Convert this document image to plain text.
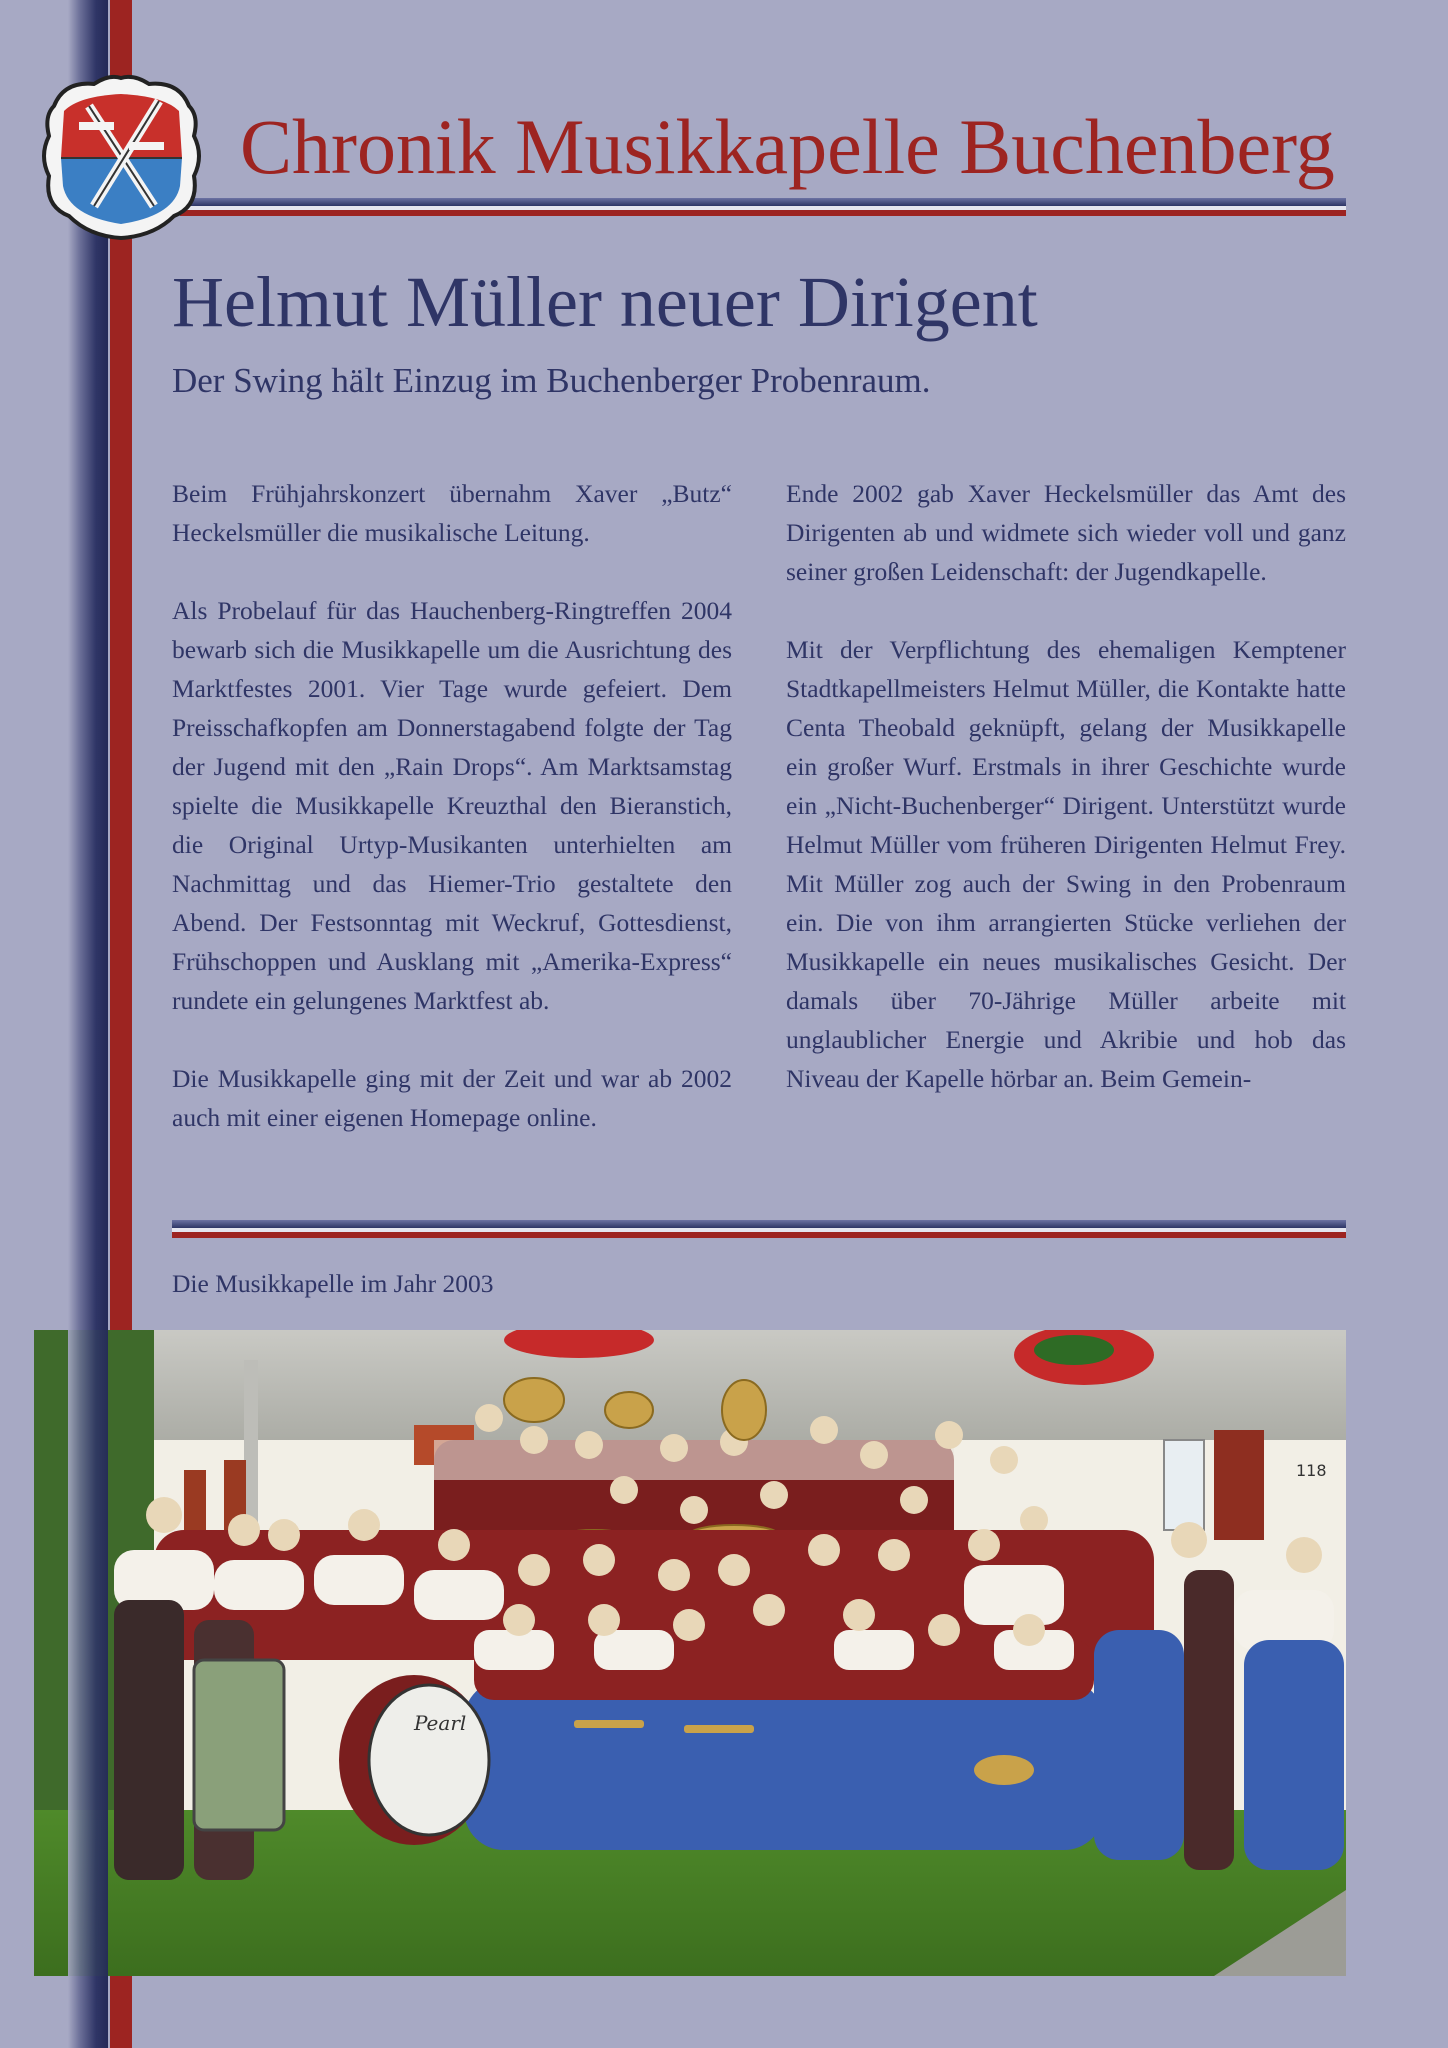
Chronik Musikkapelle Buchenberg
Helmut Müller neuer Dirigent
Der Swing hält Einzug im Buchenberger Probenraum.

Beim Frühjahrskonzert übernahm Xaver „Butz“ Heckelsmüller die musikalische Leitung.

Als Probelauf für das Hauchenberg-Ringtreffen 2004 bewarb sich die Musikkapelle um die Ausrichtung des Marktfestes 2001. Vier Tage wurde gefeiert. Dem Preisschafkopfen am Donnerstagabend folgte der Tag der Jugend mit den „Rain Drops“. Am Marktsamstag spielte die Musikkapelle Kreuzthal den Bieranstich, die Original Urtyp-Musikanten unterhielten am Nachmittag und das Hiemer-Trio gestaltete den Abend. Der Festsonntag mit Weckruf, Gottesdienst, Frühschoppen und Ausklang mit „Amerika-Express“ rundete ein gelungenes Marktfest ab.

Die Musikkapelle ging mit der Zeit und war ab 2002 auch mit einer eigenen Homepage online.

Ende 2002 gab Xaver Heckelsmüller das Amt des Dirigenten ab und widmete sich wieder voll und ganz seiner großen Leidenschaft: der Jugendkapelle.

Mit der Verpflichtung des ehemaligen Kemptener Stadtkapellmeisters Helmut Müller, die Kontakte hatte Centa Theobald geknüpft, gelang der Musikkapelle ein großer Wurf. Erstmals in ihrer Geschichte wurde ein „Nicht-Buchenberger“ Dirigent. Unterstützt wurde Helmut Müller vom früheren Dirigenten Helmut Frey. Mit Müller zog auch der Swing in den Probenraum ein. Die von ihm arrangierten Stücke verliehen der Musikkapelle ein neues musikalisches Gesicht. Der damals über 70-Jährige Müller arbeite mit unglaublicher Energie und Akribie und hob das Niveau der Kapelle hörbar an. Beim Gemein-

Die Musikkapelle im Jahr 2003
118
Pearl
